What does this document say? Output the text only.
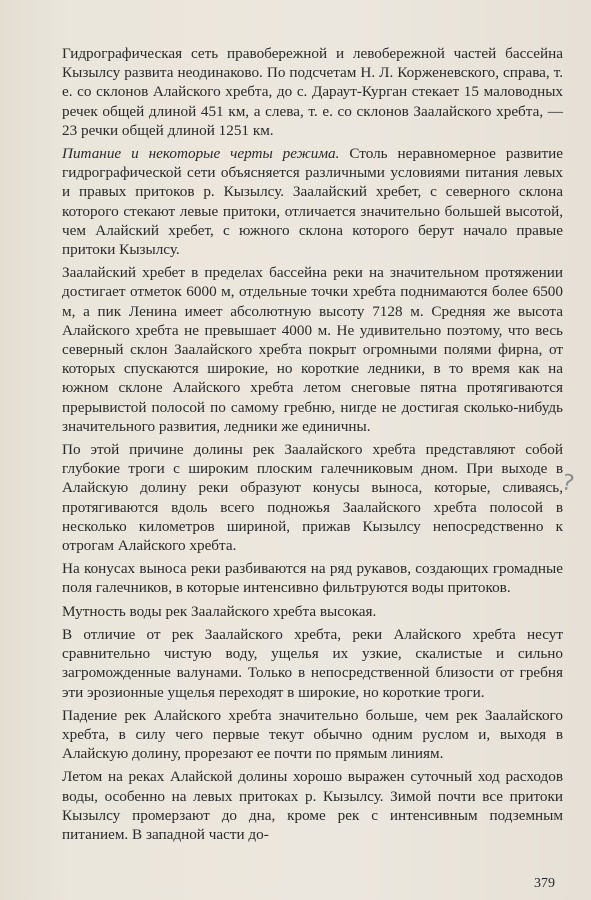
Гидрографическая сеть правобережной и левобережной частей бассейна Кызылсу развита неодинаково. По подсчетам Н. Л. Корженевского, справа, т. е. со склонов Алайского хребта, до с. Дараут-Курган стекает 15 маловодных речек общей длиной 451 км, а слева, т. е. со склонов Заалайского хребта, — 23 речки общей длиной 1251 км.
Питание и некоторые черты режима. Столь неравномерное развитие гидрографической сети объясняется различными условиями питания левых и правых притоков р. Кызылсу. Заалайский хребет, с северного склона которого стекают левые притоки, отличается значительно большей высотой, чем Алайский хребет, с южного склона которого берут начало правые притоки Кызылсу.
Заалайский хребет в пределах бассейна реки на значительном протяжении достигает отметок 6000 м, отдельные точки хребта поднимаются более 6500 м, а пик Ленина имеет абсолютную высоту 7128 м. Средняя же высота Алайского хребта не превышает 4000 м. Не удивительно поэтому, что весь северный склон Заалайского хребта покрыт огромными полями фирна, от которых спускаются широкие, но короткие ледники, в то время как на южном склоне Алайского хребта летом снеговые пятна протягиваются прерывистой полосой по самому гребню, нигде не достигая сколько-нибудь значительного развития, ледники же единичны.
По этой причине долины рек Заалайского хребта представляют собой глубокие троги с широким плоским галечниковым дном. При выходе в Алайскую долину реки образуют конусы выноса, которые, сливаясь, протягиваются вдоль всего подножья Заалайского хребта полосой в несколько километров шириной, прижав Кызылсу непосредственно к отрогам Алайского хребта.
На конусах выноса реки разбиваются на ряд рукавов, создающих громадные поля галечников, в которые интенсивно фильтруются воды притоков.
Мутность воды рек Заалайского хребта высокая.
В отличие от рек Заалайского хребта, реки Алайского хребта несут сравнительно чистую воду, ущелья их узкие, скалистые и сильно загроможденные валунами. Только в непосредственной близости от гребня эти эрозионные ущелья переходят в широкие, но короткие троги.
Падение рек Алайского хребта значительно больше, чем рек Заалайского хребта, в силу чего первые текут обычно одним руслом и, выходя в Алайскую долину, прорезают ее почти по прямым линиям.
Летом на реках Алайской долины хорошо выражен суточный ход расходов воды, особенно на левых притоках р. Кызылсу. Зимой почти все притоки Кызылсу промерзают до дна, кроме рек с интенсивным подземным питанием. В западной части до-
?
379
